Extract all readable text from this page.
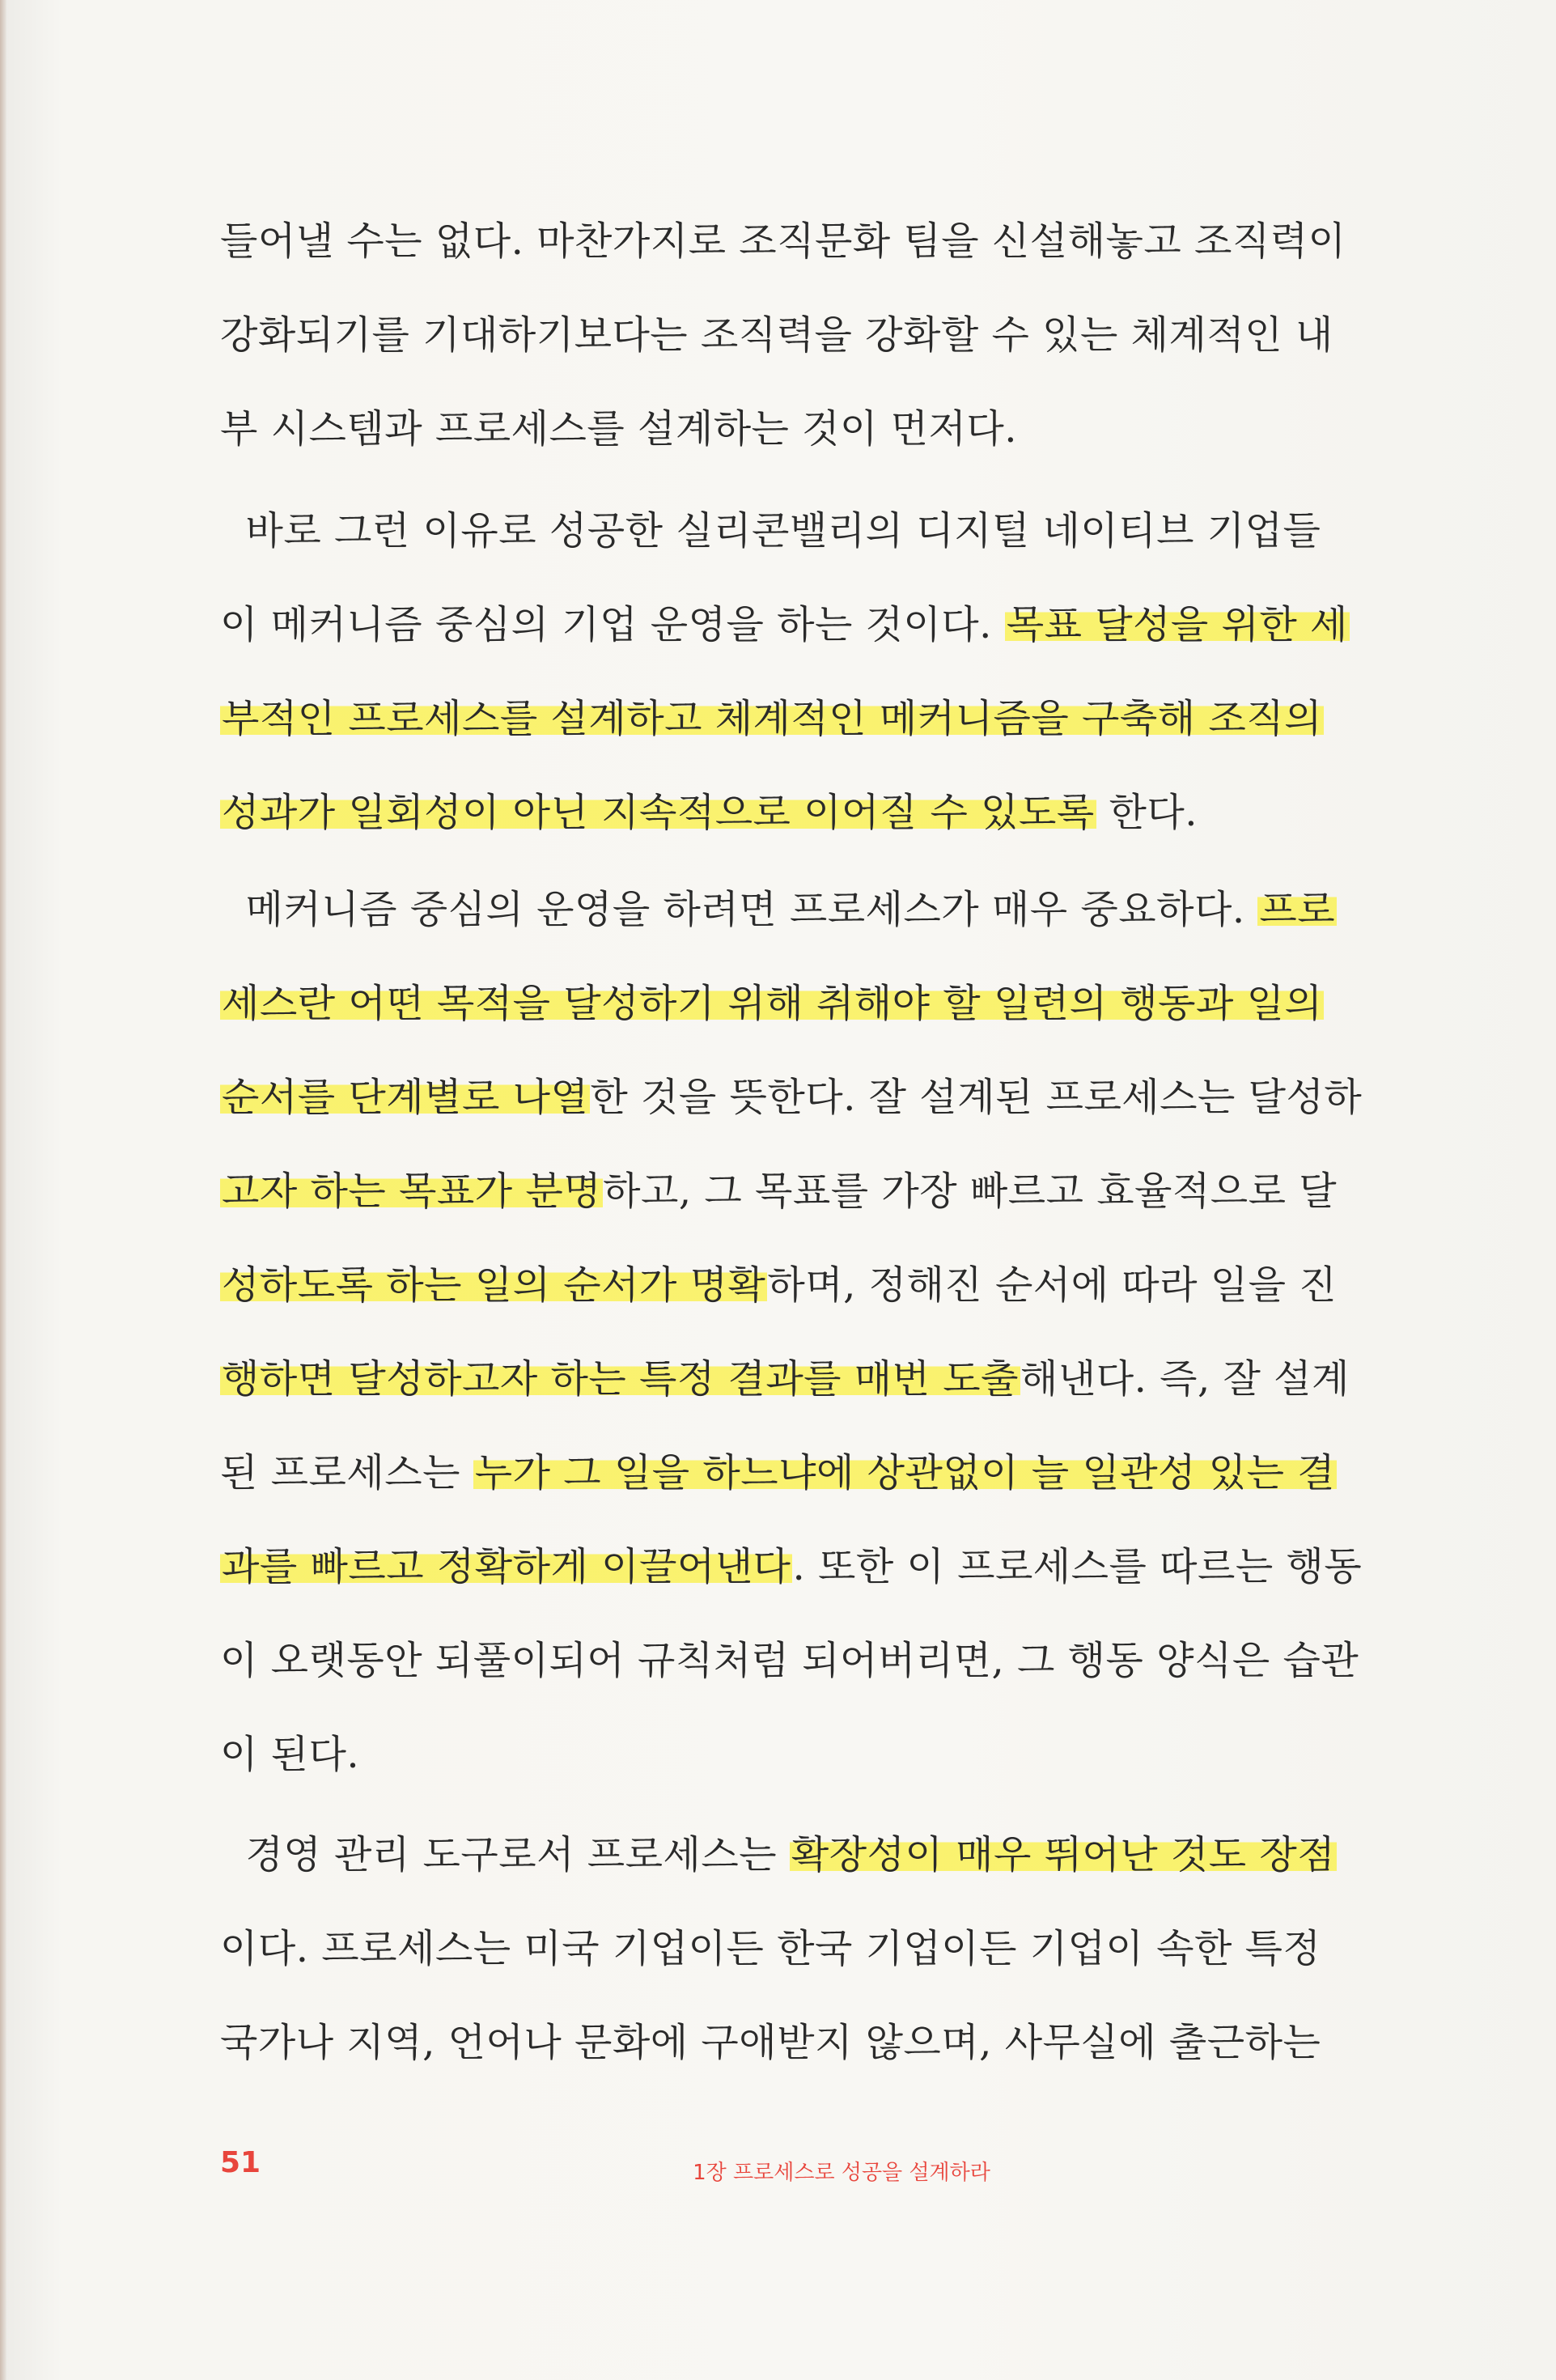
들어낼 수는 없다. 마찬가지로 조직문화 팀을 신설해놓고 조직력이
강화되기를 기대하기보다는 조직력을 강화할 수 있는 체계적인 내
부 시스템과 프로세스를 설계하는 것이 먼저다.
바로 그런 이유로 성공한 실리콘밸리의 디지털 네이티브 기업들
이 메커니즘 중심의 기업 운영을 하는 것이다. 목표 달성을 위한 세
부적인 프로세스를 설계하고 체계적인 메커니즘을 구축해 조직의
성과가 일회성이 아닌 지속적으로 이어질 수 있도록 한다.
메커니즘 중심의 운영을 하려면 프로세스가 매우 중요하다. 프로
세스란 어떤 목적을 달성하기 위해 취해야 할 일련의 행동과 일의
순서를 단계별로 나열한 것을 뜻한다. 잘 설계된 프로세스는 달성하
고자 하는 목표가 분명하고, 그 목표를 가장 빠르고 효율적으로 달
성하도록 하는 일의 순서가 명확하며, 정해진 순서에 따라 일을 진
행하면 달성하고자 하는 특정 결과를 매번 도출해낸다. 즉, 잘 설계
된 프로세스는 누가 그 일을 하느냐에 상관없이 늘 일관성 있는 결
과를 빠르고 정확하게 이끌어낸다. 또한 이 프로세스를 따르는 행동
이 오랫동안 되풀이되어 규칙처럼 되어버리면, 그 행동 양식은 습관
이 된다.
경영 관리 도구로서 프로세스는 확장성이 매우 뛰어난 것도 장점
이다. 프로세스는 미국 기업이든 한국 기업이든 기업이 속한 특정
국가나 지역, 언어나 문화에 구애받지 않으며, 사무실에 출근하는
51	1장 프로세스로 성공을 설계하라
